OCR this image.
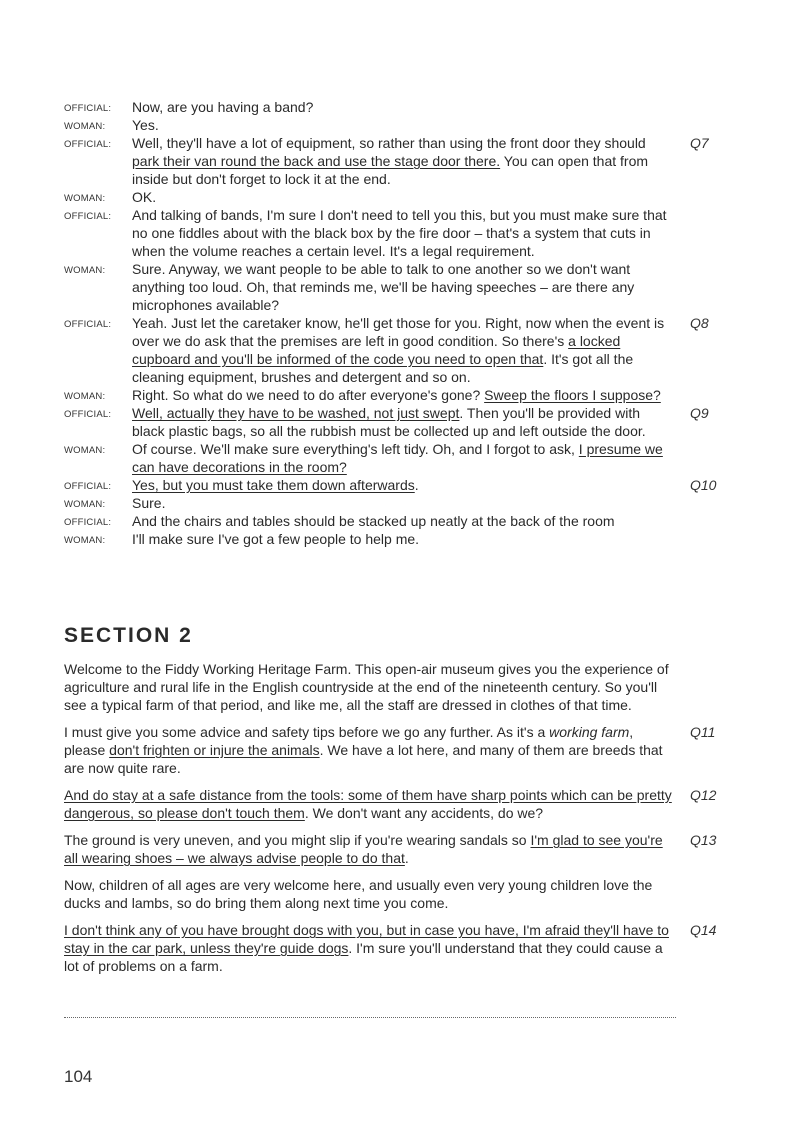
OFFICIAL:	Now, are you having a band?
WOMAN:	Yes.
OFFICIAL:	Well, they'll have a lot of equipment, so rather than using the front door they should park their van round the back and use the stage door there. You can open that from inside but don't forget to lock it at the end.
Q7
WOMAN:	OK.
OFFICIAL:	And talking of bands, I'm sure I don't need to tell you this, but you must make sure that no one fiddles about with the black box by the fire door – that's a system that cuts in when the volume reaches a certain level. It's a legal requirement.
WOMAN:	Sure. Anyway, we want people to be able to talk to one another so we don't want anything too loud. Oh, that reminds me, we'll be having speeches – are there any microphones available?
OFFICIAL:	Yeah. Just let the caretaker know, he'll get those for you. Right, now when the event is over we do ask that the premises are left in good condition. So there's a locked cupboard and you'll be informed of the code you need to open that. It's got all the cleaning equipment, brushes and detergent and so on.
Q8
WOMAN:	Right. So what do we need to do after everyone's gone? Sweep the floors I suppose?
OFFICIAL:	Well, actually they have to be washed, not just swept. Then you'll be provided with black plastic bags, so all the rubbish must be collected up and left outside the door.
Q9
WOMAN:	Of course. We'll make sure everything's left tidy. Oh, and I forgot to ask, I presume we can have decorations in the room?
OFFICIAL:	Yes, but you must take them down afterwards.	Q10
WOMAN:	Sure.
OFFICIAL:	And the chairs and tables should be stacked up neatly at the back of the room
WOMAN:	I'll make sure I've got a few people to help me.
SECTION 2
Welcome to the Fiddy Working Heritage Farm. This open-air museum gives you the experience of agriculture and rural life in the English countryside at the end of the nineteenth century. So you'll see a typical farm of that period, and like me, all the staff are dressed in clothes of that time.
I must give you some advice and safety tips before we go any further. As it's a working farm, please don't frighten or injure the animals. We have a lot here, and many of them are breeds that are now quite rare.
Q11
And do stay at a safe distance from the tools: some of them have sharp points which can be pretty dangerous, so please don't touch them. We don't want any accidents, do we?
Q12
The ground is very uneven, and you might slip if you're wearing sandals so I'm glad to see you're all wearing shoes – we always advise people to do that.
Q13
Now, children of all ages are very welcome here, and usually even very young children love the ducks and lambs, so do bring them along next time you come.
I don't think any of you have brought dogs with you, but in case you have, I'm afraid they'll have to stay in the car park, unless they're guide dogs. I'm sure you'll understand that they could cause a lot of problems on a farm.
Q14
104
